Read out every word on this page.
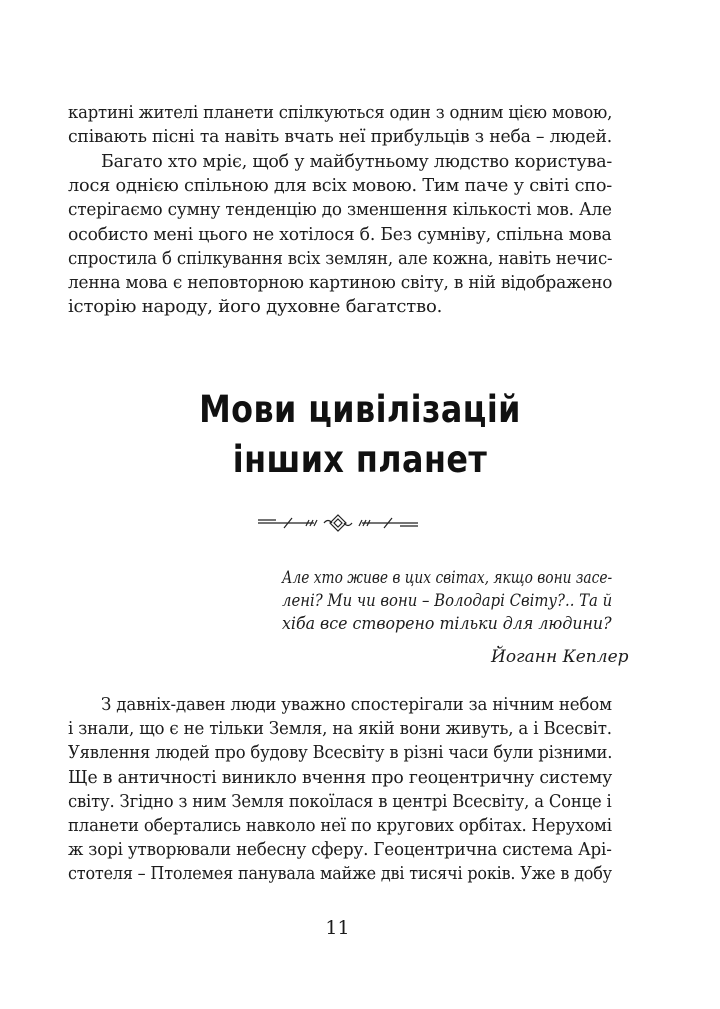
картині жителі планети спілкуються один з одним цією мовою,
співають пісні та навіть вчать неї прибульців з неба – людей.
Багато хто мріє, щоб у майбутньому людство користува-
лося однією спільною для всіх мовою. Тим паче у світі спо-
стерігаємо сумну тенденцію до зменшення кількості мов. Але
особисто мені цього не хотілося б. Без сумніву, спільна мова
спростила б спілкування всіх землян, але кожна, навіть нечис-
ленна мова є неповторною картиною світу, в ній відображено
історію народу, його духовне багатство.
Мови цивілізацій
інших планет
Але хто живе в цих світах, якщо вони засе-
лені? Ми чи вони – Володарі Світу?.. Та й
хіба все створено тільки для людини?
Йоганн Кеплер
З давніх-давен люди уважно спостерігали за нічним небом
і знали, що є не тільки Земля, на якій вони живуть, а і Всесвіт.
Уявлення людей про будову Всесвіту в різні часи були різними.
Ще в античності виникло вчення про геоцентричну систему
світу. Згідно з ним Земля покоїлася в центрі Всесвіту, а Сонце і
планети обертались навколо неї по кругових орбітах. Нерухомі
ж зорі утворювали небесну сферу. Геоцентрична система Арі-
стотеля – Птолемея панувала майже дві тисячі років. Уже в добу
11
